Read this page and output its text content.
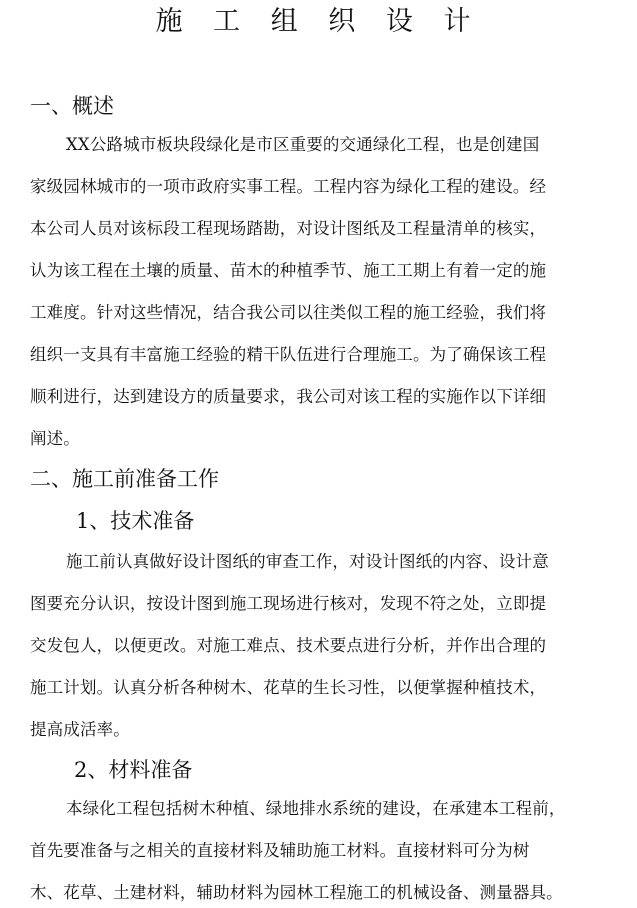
施 工 组 织 设 计
一、概述
XX公路城市板块段绿化是市区重要的交通绿化工程，也是创建国
家级园林城市的一项市政府实事工程。工程内容为绿化工程的建设。经
本公司人员对该标段工程现场踏勘，对设计图纸及工程量清单的核实，
认为该工程在土壤的质量、苗木的种植季节、施工工期上有着一定的施
工难度。针对这些情况，结合我公司以往类似工程的施工经验，我们将
组织一支具有丰富施工经验的精干队伍进行合理施工。为了确保该工程
顺利进行，达到建设方的质量要求，我公司对该工程的实施作以下详细
阐述。
二、施工前准备工作
1、技术准备
施工前认真做好设计图纸的审查工作，对设计图纸的内容、设计意
图要充分认识，按设计图到施工现场进行核对，发现不符之处，立即提
交发包人，以便更改。对施工难点、技术要点进行分析，并作出合理的
施工计划。认真分析各种树木、花草的生长习性，以便掌握种植技术，
提高成活率。
2、材料准备
本绿化工程包括树木种植、绿地排水系统的建设，在承建本工程前，
首先要准备与之相关的直接材料及辅助施工材料。直接材料可分为树
木、花草、土建材料，辅助材料为园林工程施工的机械设备、测量器具。
